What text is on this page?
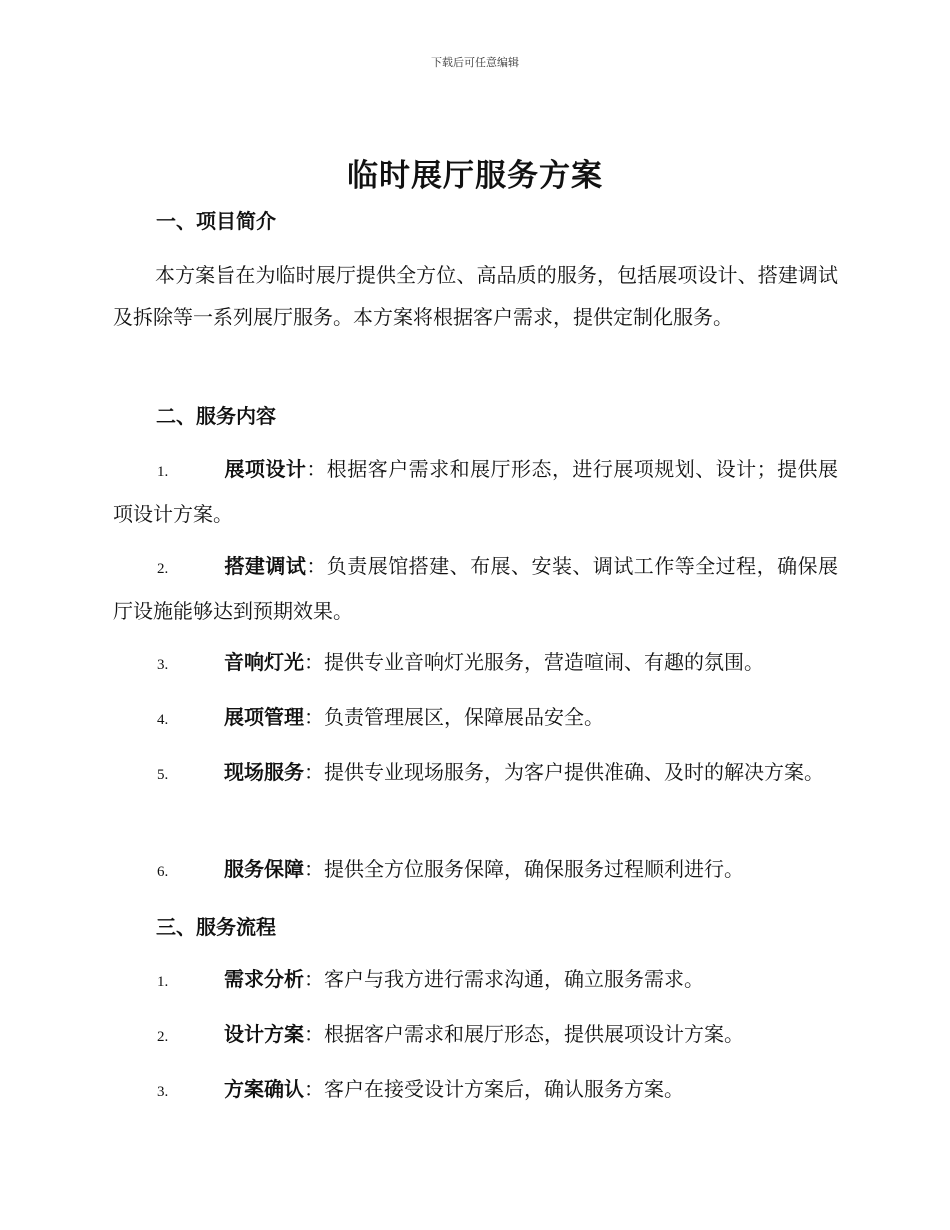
下载后可任意编辑
临时展厅服务方案
一、项目简介

本方案旨在为临时展厅提供全方位、高品质的服务，包括展项设计、搭建调试及拆除等一系列展厅服务。本方案将根据客户需求，提供定制化服务。

二、服务内容

1.	展项设计：根据客户需求和展厅形态，进行展项规划、设计；提供展项设计方案。

2.	搭建调试：负责展馆搭建、布展、安装、调试工作等全过程，确保展厅设施能够达到预期效果。

3.	音响灯光：提供专业音响灯光服务，营造喧闹、有趣的氛围。

4.	展项管理：负责管理展区，保障展品安全。

5.	现场服务：提供专业现场服务，为客户提供准确、及时的解决方案。

6.	服务保障：提供全方位服务保障，确保服务过程顺利进行。

三、服务流程

1.	需求分析：客户与我方进行需求沟通，确立服务需求。

2.	设计方案：根据客户需求和展厅形态，提供展项设计方案。

3.	方案确认：客户在接受设计方案后，确认服务方案。
